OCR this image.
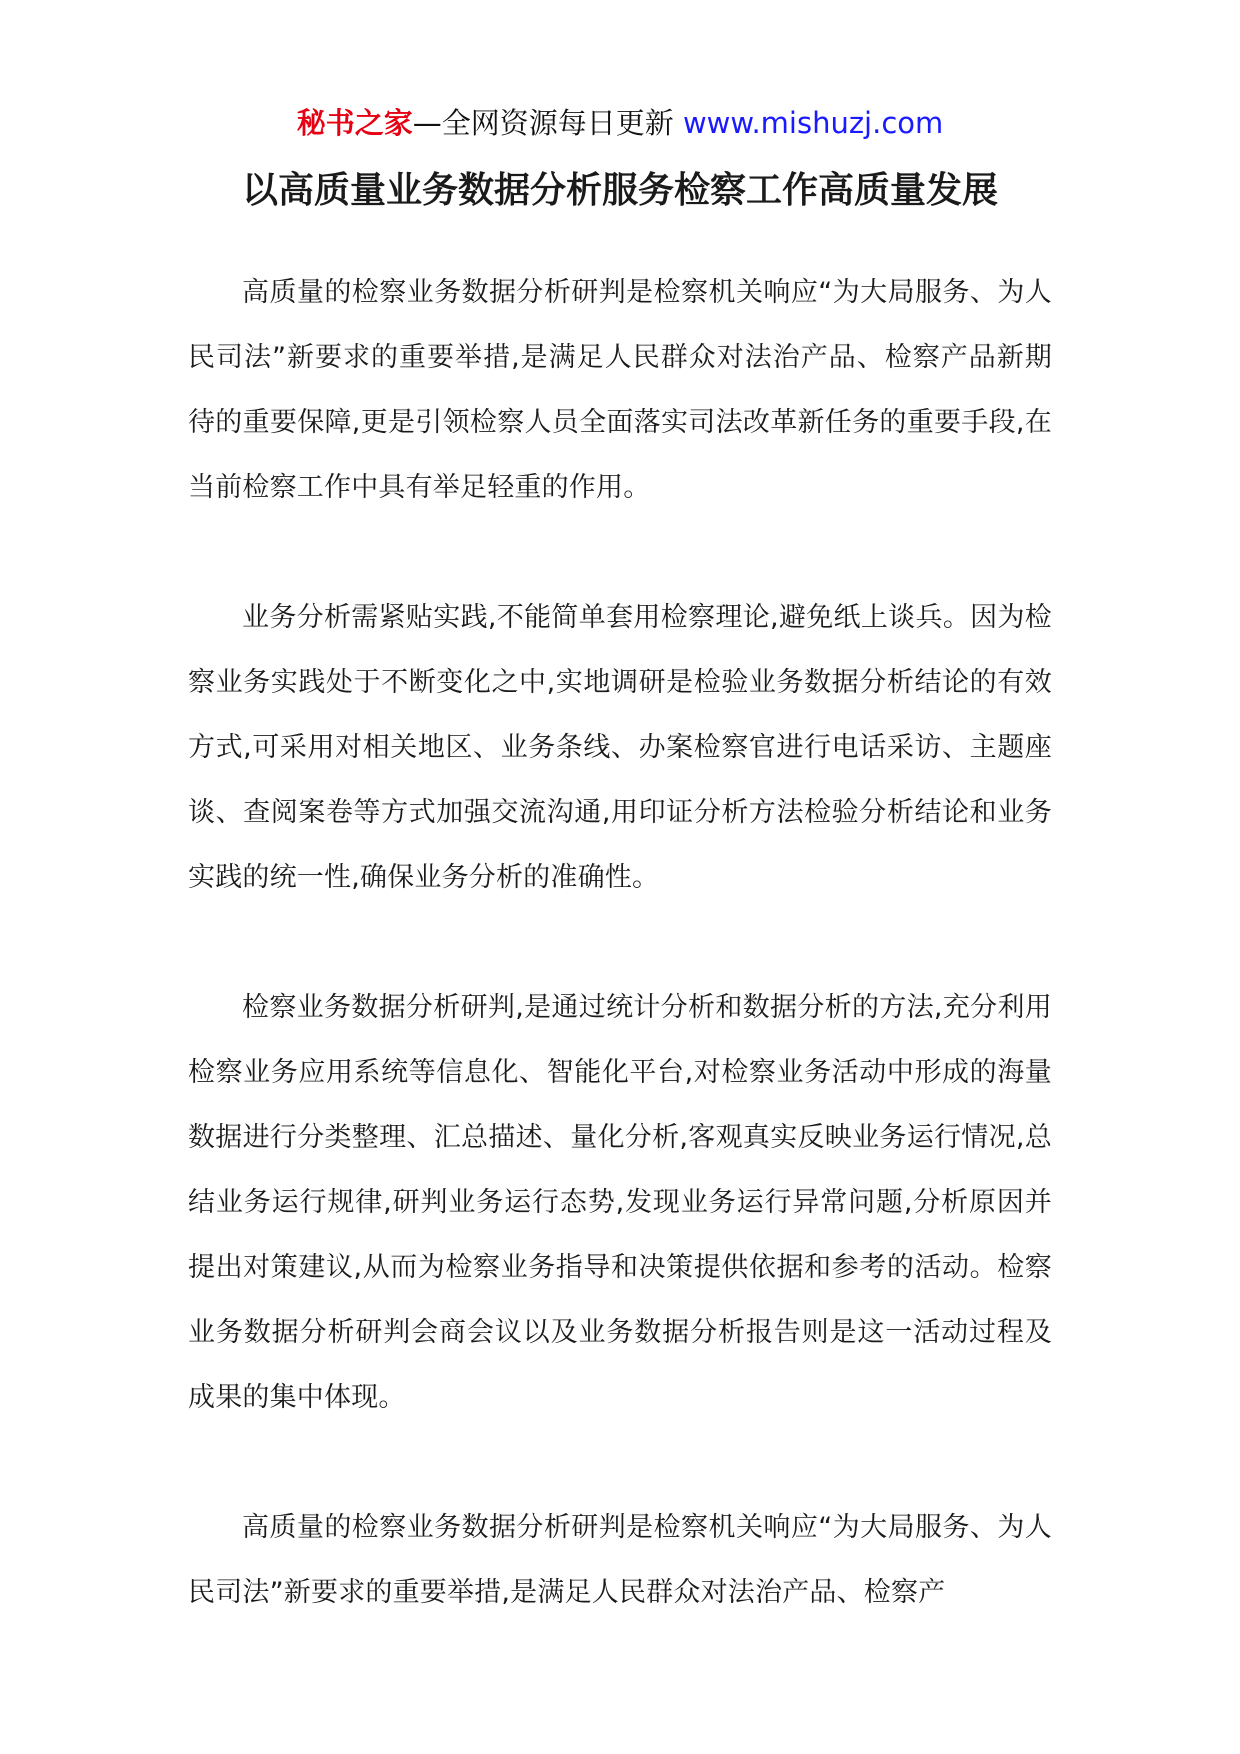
秘书之家—全网资源每日更新 www.mishuzj.com
以高质量业务数据分析服务检察工作高质量发展

高质量的检察业务数据分析研判是检察机关响应“为大局服务、为人民司法”新要求的重要举措,是满足人民群众对法治产品、检察产品新期待的重要保障,更是引领检察人员全面落实司法改革新任务的重要手段,在当前检察工作中具有举足轻重的作用。

业务分析需紧贴实践,不能简单套用检察理论,避免纸上谈兵。因为检察业务实践处于不断变化之中,实地调研是检验业务数据分析结论的有效方式,可采用对相关地区、业务条线、办案检察官进行电话采访、主题座谈、查阅案卷等方式加强交流沟通,用印证分析方法检验分析结论和业务实践的统一性,确保业务分析的准确性。

检察业务数据分析研判,是通过统计分析和数据分析的方法,充分利用检察业务应用系统等信息化、智能化平台,对检察业务活动中形成的海量数据进行分类整理、汇总描述、量化分析,客观真实反映业务运行情况,总结业务运行规律,研判业务运行态势,发现业务运行异常问题,分析原因并提出对策建议,从而为检察业务指导和决策提供依据和参考的活动。检察业务数据分析研判会商会议以及业务数据分析报告则是这一活动过程及成果的集中体现。

高质量的检察业务数据分析研判是检察机关响应“为大局服务、为人民司法”新要求的重要举措,是满足人民群众对法治产品、检察产
